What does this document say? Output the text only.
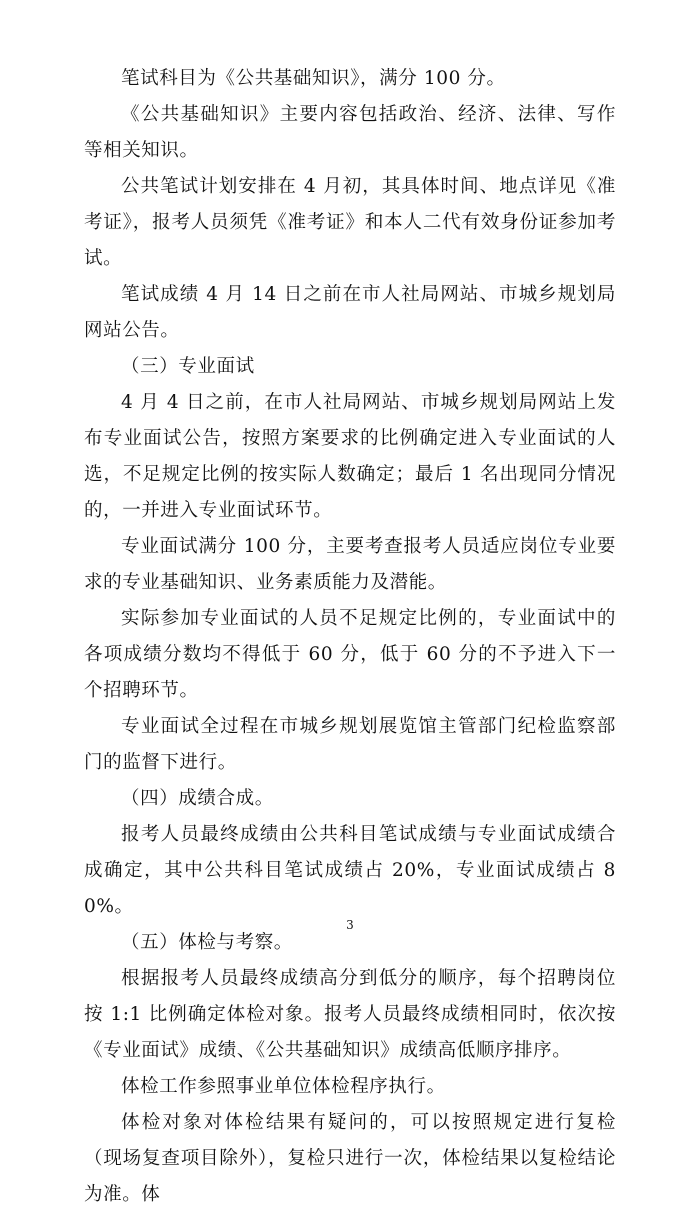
笔试科目为《公共基础知识》，满分 100 分。

《公共基础知识》主要内容包括政治、经济、法律、写作等相关知识。

公共笔试计划安排在 4 月初，其具体时间、地点详见《准考证》，报考人员须凭《准考证》和本人二代有效身份证参加考试。

笔试成绩 4 月 14 日之前在市人社局网站、市城乡规划局网站公告。

（三）专业面试

4 月 4 日之前，在市人社局网站、市城乡规划局网站上发布专业面试公告，按照方案要求的比例确定进入专业面试的人选，不足规定比例的按实际人数确定；最后 1 名出现同分情况的，一并进入专业面试环节。

专业面试满分 100 分，主要考查报考人员适应岗位专业要求的专业基础知识、业务素质能力及潜能。

实际参加专业面试的人员不足规定比例的，专业面试中的各项成绩分数均不得低于 60 分，低于 60 分的不予进入下一个招聘环节。

专业面试全过程在市城乡规划展览馆主管部门纪检监察部门的监督下进行。

（四）成绩合成。

报考人员最终成绩由公共科目笔试成绩与专业面试成绩合成确定，其中公共科目笔试成绩占 20%，专业面试成绩占 80%。

（五）体检与考察。

根据报考人员最终成绩高分到低分的顺序，每个招聘岗位按 1:1 比例确定体检对象。报考人员最终成绩相同时，依次按《专业面试》成绩、《公共基础知识》成绩高低顺序排序。

体检工作参照事业单位体检程序执行。

体检对象对体检结果有疑问的，可以按照规定进行复检（现场复查项目除外），复检只进行一次，体检结果以复检结论为准。体

3
